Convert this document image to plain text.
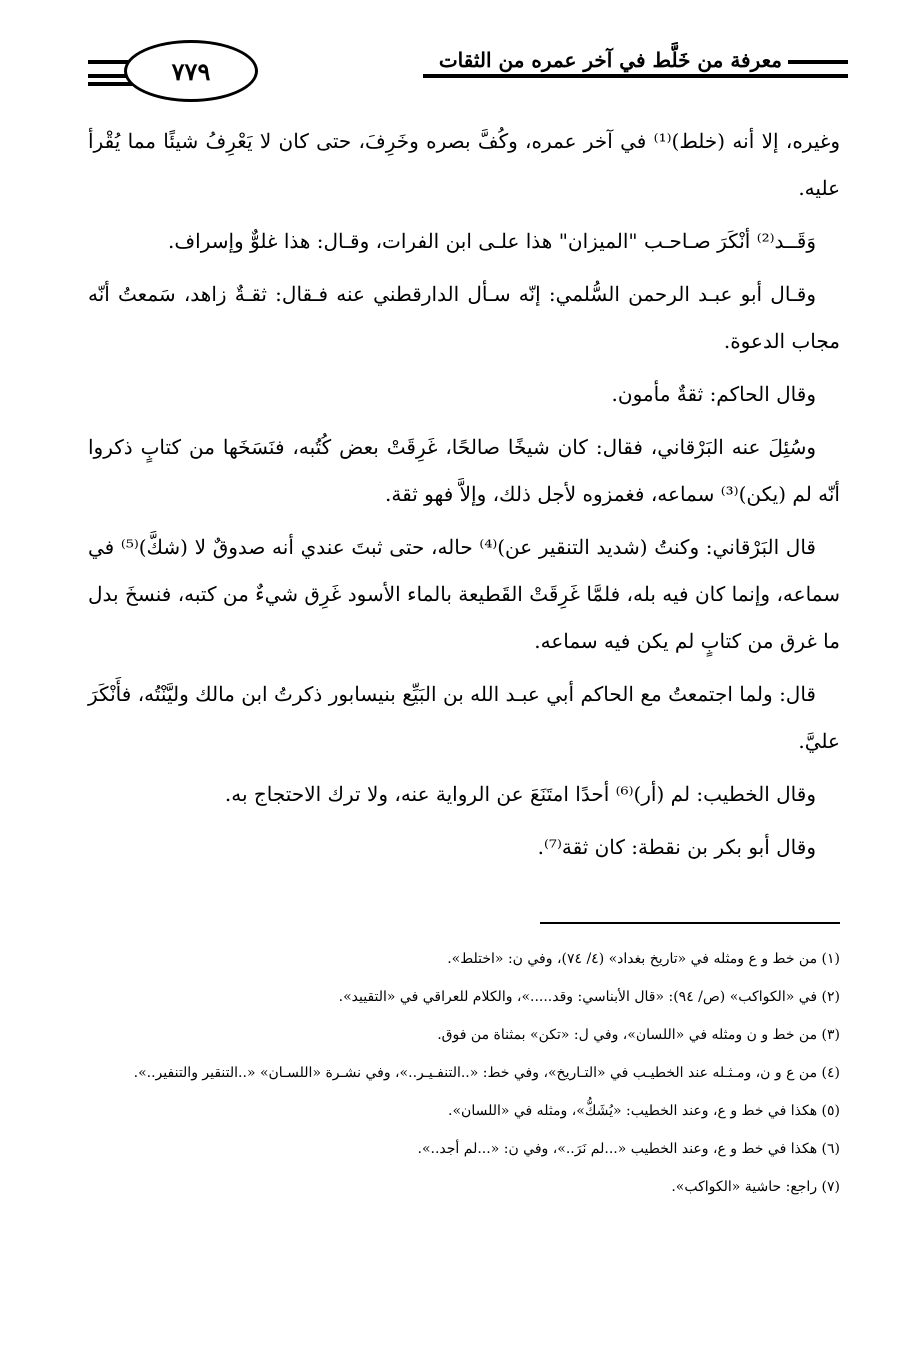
٧٧٩	معرفة من خَلَّط في آخر عمره من الثقات

وغيره، إلا أنه (خلط)⁽¹⁾ في آخر عمره، وكُفَّ بصره وخَرِفَ، حتى كان لا يَعْرِفُ شيئًا مما يُقْرأ عليه.

وَقَــد⁽²⁾ أنْكَرَ صـاحـب "الميزان" هذا علـى ابن الفرات، وقـال: هذا غلوٌّ وإسراف.

وقـال أبو عبـد الرحمن السُّلمي: إنّه سـأل الدارقطني عنه فـقال: ثقـةٌ زاهد، سَمعتُ أنّه مجاب الدعوة.

وقال الحاكم: ثقةٌ مأمون.

وسُئِلَ عنه البَرْقاني، فقال: كان شيخًا صالحًا، غَرِقَتْ بعض كُتُبه، فنَسَخَها من كتابٍ ذكروا أنّه لم (يكن)⁽³⁾ سماعه، فغمزوه لأجل ذلك، وإلاَّ فهو ثقة.

قال البَرْقاني: وكنتُ (شديد التنقير عن)⁽⁴⁾ حاله، حتى ثبتَ عندي أنه صدوقٌ لا (شكَّ)⁽⁵⁾ في سماعه، وإنما كان فيه بله، فلمَّا غَرِقَتْ القَطيعة بالماء الأسود غَرِق شيءٌ من كتبه، فنسخَ بدل ما غرق من كتابٍ لم يكن فيه سماعه.

قال: ولما اجتمعتُ مع الحاكم أبي عبـد الله بن البَيِّع بنيسابور ذكرتُ ابن مالك وليَّنْتُه، فأَنْكَرَ عليَّ.

وقال الخطيب: لم (أر)⁽⁶⁾ أحدًا امتَنَعَ عن الرواية عنه، ولا ترك الاحتجاج به.

وقال أبو بكر بن نقطة: كان ثقة⁽⁷⁾.

(١) من خط و ع ومثله في «تاريخ بغداد» (٤/ ٧٤)، وفي ن: «اختلط».

(٢) في «الكواكب» (ص/ ٩٤): «قال الأبناسي: وقد.....»، والكلام للعراقي في «التقييد».

(٣) من خط و ن ومثله في «اللسان»، وفي ل: «تكن» بمثناة من فوق.

(٤) من ع و ن، ومـثـله عند الخطيـب في «التـاريخ»، وفي خط: «..التنفـيـر..»، وفي نشـرة «اللسـان» «..التنقير والتنفير..».

(٥) هكذا في خط و ع، وعند الخطيب: «يُشَكُّ»، ومثله في «اللسان».

(٦) هكذا في خط و ع، وعند الخطيب «...لم نَرَ..»، وفي ن: «...لم أجد..».

(٧) راجع: حاشية «الكواكب».
